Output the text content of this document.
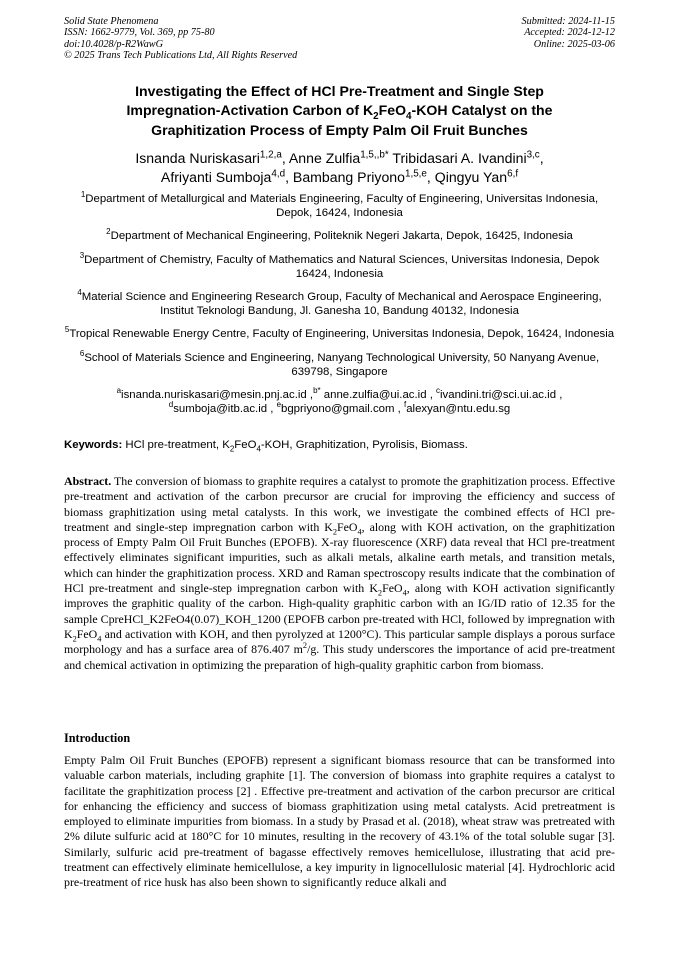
Solid State Phenomena
ISSN: 1662-9779, Vol. 369, pp 75-80
doi:10.4028/p-R2WawG
© 2025 Trans Tech Publications Ltd, All Rights Reserved
Submitted: 2024-11-15
Accepted: 2024-12-12
Online: 2025-03-06
Investigating the Effect of HCl Pre-Treatment and Single Step
Impregnation-Activation Carbon of $K_2FeO_4$-KOH Catalyst on the
Graphitization Process of Empty Palm Oil Fruit Bunches
Isnanda Nuriskasari$^{1,2,a}$, Anne Zulfia$^{1,5,,b*}$ Tribidasari A. Ivandini$^{3,c}$,
Afriyanti Sumboja$^{4,d}$, Bambang Priyono$^{1,5,e}$, Qingyu Yan$^{6,f}$
$^1$Department of Metallurgical and Materials Engineering, Faculty of Engineering, Universitas Indonesia, Depok, 16424, Indonesia
$^2$Department of Mechanical Engineering, Politeknik Negeri Jakarta, Depok, 16425, Indonesia
$^3$Department of Chemistry, Faculty of Mathematics and Natural Sciences, Universitas Indonesia, Depok 16424, Indonesia
$^4$Material Science and Engineering Research Group, Faculty of Mechanical and Aerospace Engineering, Institut Teknologi Bandung, Jl. Ganesha 10, Bandung 40132, Indonesia
$^5$Tropical Renewable Energy Centre, Faculty of Engineering, Universitas Indonesia, Depok, 16424, Indonesia
$^6$School of Materials Science and Engineering, Nanyang Technological University, 50 Nanyang Avenue, 639798, Singapore
$^a$isnanda.nuriskasari@mesin.pnj.ac.id ,$^{b*}$ anne.zulfia@ui.ac.id , $^c$ivandini.tri@sci.ui.ac.id ,
$^d$sumboja@itb.ac.id , $^e$bgpriyono@gmail.com , $^f$alexyan@ntu.edu.sg
Keywords: HCl pre-treatment, $K_2FeO_4$-KOH, Graphitization, Pyrolisis, Biomass.
Abstract. The conversion of biomass to graphite requires a catalyst to promote the graphitization process. Effective pre-treatment and activation of the carbon precursor are crucial for improving the efficiency and success of biomass graphitization using metal catalysts. In this work, we investigate the combined effects of HCl pre-treatment and single-step impregnation carbon with $K_2FeO_4$, along with KOH activation, on the graphitization process of Empty Palm Oil Fruit Bunches (EPOFB). X-ray fluorescence (XRF) data reveal that HCl pre-treatment effectively eliminates significant impurities, such as alkali metals, alkaline earth metals, and transition metals, which can hinder the graphitization process. XRD and Raman spectroscopy results indicate that the combination of HCl pre-treatment and single-step impregnation carbon with $K_2FeO_4$, along with KOH activation significantly improves the graphitic quality of the carbon. High-quality graphitic carbon with an IG/ID ratio of 12.35 for the sample CpreHCl_K2FeO4(0.07)_KOH_1200 (EPOFB carbon pre-treated with HCl, followed by impregnation with $K_2FeO_4$ and activation with KOH, and then pyrolyzed at 1200°C). This particular sample displays a porous surface morphology and has a surface area of 876.407 $m^2/g$. This study underscores the importance of acid pre-treatment and chemical activation in optimizing the preparation of high-quality graphitic carbon from biomass.
Introduction
Empty Palm Oil Fruit Bunches (EPOFB) represent a significant biomass resource that can be transformed into valuable carbon materials, including graphite [1]. The conversion of biomass into graphite requires a catalyst to facilitate the graphitization process [2] . Effective pre-treatment and activation of the carbon precursor are critical for enhancing the efficiency and success of biomass graphitization using metal catalysts. Acid pretreatment is employed to eliminate impurities from biomass. In a study by Prasad et al. (2018), wheat straw was pretreated with 2% dilute sulfuric acid at 180°C for 10 minutes, resulting in the recovery of 43.1% of the total soluble sugar [3]. Similarly, sulfuric acid pre-treatment of bagasse effectively removes hemicellulose, illustrating that acid pre-treatment can effectively eliminate hemicellulose, a key impurity in lignocellulosic material [4]. Hydrochloric acid pre-treatment of rice husk has also been shown to significantly reduce alkali and
